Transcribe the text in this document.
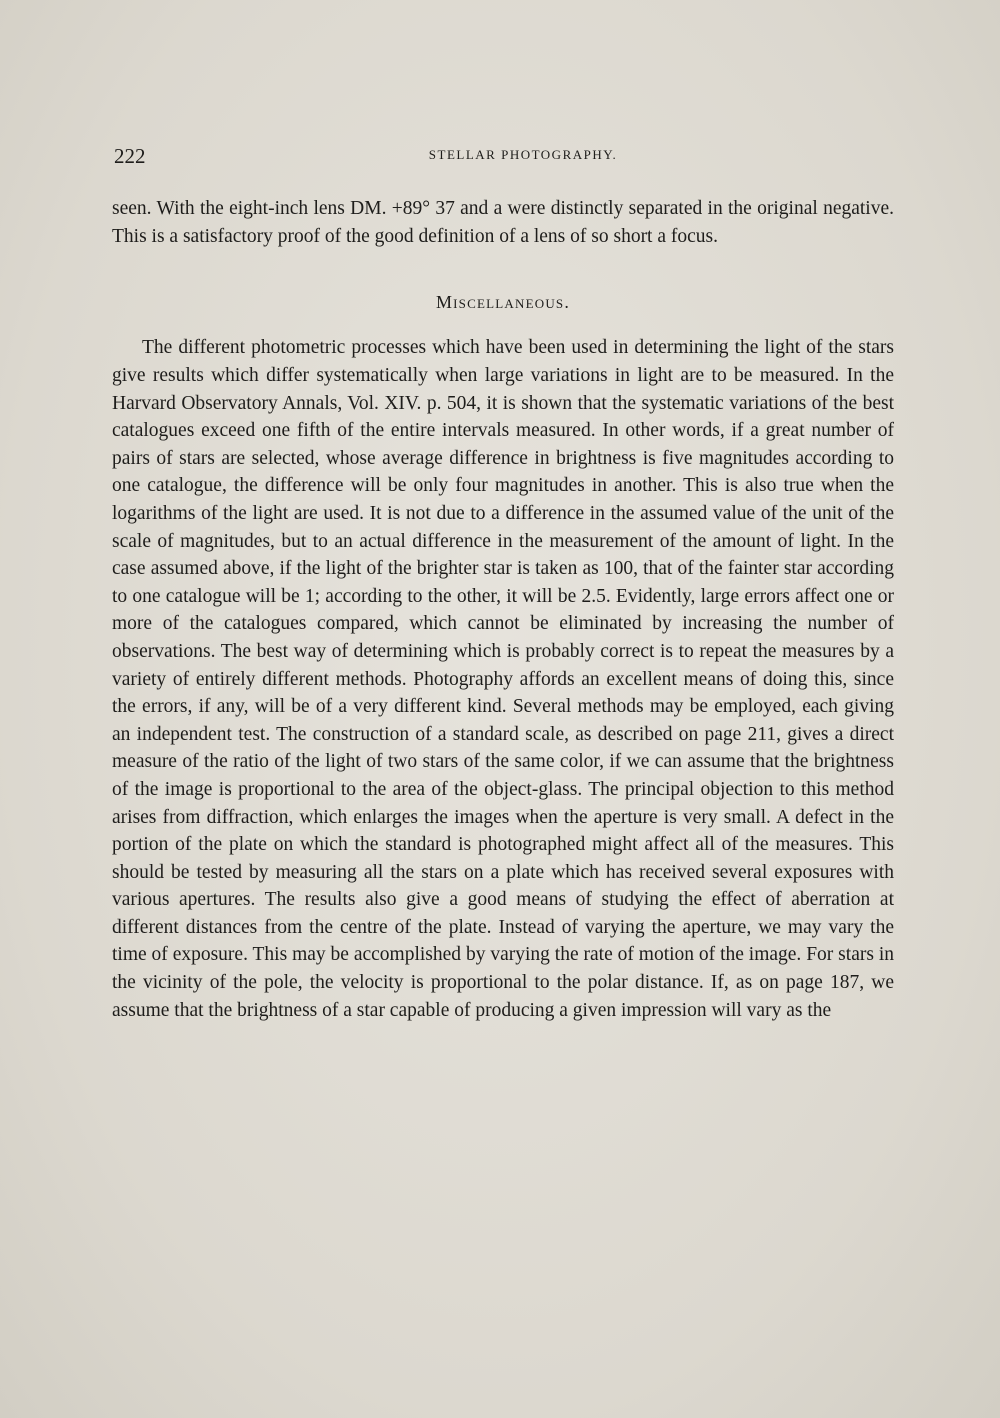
222	STELLAR PHOTOGRAPHY.

seen. With the eight-inch lens DM. +89° 37 and a were distinctly separated in the original negative. This is a satisfactory proof of the good definition of a lens of so short a focus.

Miscellaneous.

The different photometric processes which have been used in determining the light of the stars give results which differ systematically when large variations in light are to be measured. In the Harvard Observatory Annals, Vol. XIV. p. 504, it is shown that the systematic variations of the best catalogues exceed one fifth of the entire intervals measured. In other words, if a great number of pairs of stars are selected, whose average difference in brightness is five magnitudes according to one catalogue, the difference will be only four magnitudes in another. This is also true when the logarithms of the light are used. It is not due to a difference in the assumed value of the unit of the scale of magnitudes, but to an actual difference in the measurement of the amount of light. In the case assumed above, if the light of the brighter star is taken as 100, that of the fainter star according to one catalogue will be 1; according to the other, it will be 2.5. Evidently, large errors affect one or more of the catalogues compared, which cannot be eliminated by increasing the number of observations. The best way of determining which is probably correct is to repeat the measures by a variety of entirely different methods. Photography affords an excellent means of doing this, since the errors, if any, will be of a very different kind. Several methods may be employed, each giving an independent test. The construction of a standard scale, as described on page 211, gives a direct measure of the ratio of the light of two stars of the same color, if we can assume that the brightness of the image is proportional to the area of the object-glass. The principal objection to this method arises from diffraction, which enlarges the images when the aperture is very small. A defect in the portion of the plate on which the standard is photographed might affect all of the measures. This should be tested by measuring all the stars on a plate which has received several exposures with various apertures. The results also give a good means of studying the effect of aberration at different distances from the centre of the plate. Instead of varying the aperture, we may vary the time of exposure. This may be accomplished by varying the rate of motion of the image. For stars in the vicinity of the pole, the velocity is proportional to the polar distance. If, as on page 187, we assume that the brightness of a star capable of producing a given impression will vary as the
